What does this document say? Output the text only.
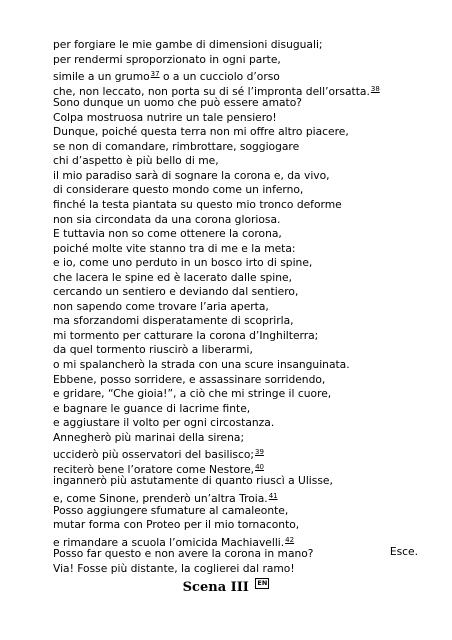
per forgiare le mie gambe di dimensioni disuguali;
per rendermi sproporzionato in ogni parte,
simile a un grumo$^{37}$ o a un cucciolo d’orso
che, non leccato, non porta su di sé l’impronta dell’orsatta.$^{38}$
Sono dunque un uomo che può essere amato?
Colpa mostruosa nutrire un tale pensiero!
Dunque, poiché questa terra non mi offre altro piacere,
se non di comandare, rimbrottare, soggiogare
chi d’aspetto è più bello di me,
il mio paradiso sarà di sognare la corona e, da vivo,
di considerare questo mondo come un inferno,
finché la testa piantata su questo mio tronco deforme
non sia circondata da una corona gloriosa.
E tuttavia non so come ottenere la corona,
poiché molte vite stanno tra di me e la meta:
e io, come uno perduto in un bosco irto di spine,
che lacera le spine ed è lacerato dalle spine,
cercando un sentiero e deviando dal sentiero,
non sapendo come trovare l’aria aperta,
ma sforzandomi disperatamente di scoprirla,
mi tormento per catturare la corona d’Inghilterra;
da quel tormento riuscirò a liberarmi,
o mi spalancherò la strada con una scure insanguinata.
Ebbene, posso sorridere, e assassinare sorridendo,
e gridare, “Che gioia!”, a ciò che mi stringe il cuore,
e bagnare le guance di lacrime finte,
e aggiustare il volto per ogni circostanza.
Annegherò più marinai della sirena;
ucciderò più osservatori del basilisco;$^{39}$
reciterò bene l’oratore come Nestore,$^{40}$
ingannerò più astutamente di quanto riuscì a Ulisse,
e, come Sinone, prenderò un’altra Troia.$^{41}$
Posso aggiungere sfumature al camaleonte,
mutar forma con Proteo per il mio tornaconto,
e rimandare a scuola l’omicida Machiavelli.$^{42}$
Posso far questo e non avere la corona in mano?
Via! Fosse più distante, la coglierei dal ramo!
Esce.
Scena III EN
